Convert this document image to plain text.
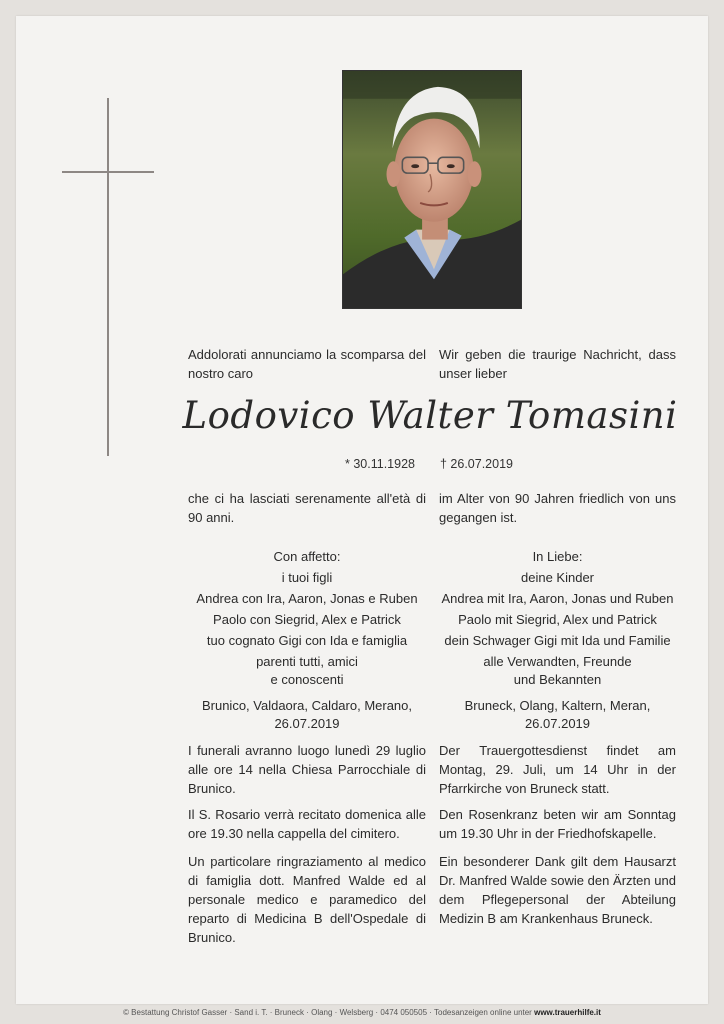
Addolorati annunciamo la scomparsa del nostro caro
Wir geben die traurige Nachricht, dass unser lieber
Lodovico Walter Tomasini
* 30.11.1928 † 26.07.2019
che ci ha lasciati serenamente all'età di 90 anni.
im Alter von 90 Jahren friedlich von uns gegangen ist.
Con affetto:
i tuoi figli
Andrea con Ira, Aaron, Jonas e Ruben
Paolo con Siegrid, Alex e Patrick
tuo cognato Gigi con Ida e famiglia
parenti tutti, amici
e conoscenti
Brunico, Valdaora, Caldaro, Merano,
26.07.2019
In Liebe:
deine Kinder
Andrea mit Ira, Aaron, Jonas und Ruben
Paolo mit Siegrid, Alex und Patrick
dein Schwager Gigi mit Ida und Familie
alle Verwandten, Freunde
und Bekannten
Bruneck, Olang, Kaltern, Meran,
26.07.2019
I funerali avranno luogo lunedì 29 luglio alle ore 14 nella Chiesa Parrocchiale di Brunico.
Der Trauergottesdienst findet am Montag, 29. Juli, um 14 Uhr in der Pfarrkirche von Bruneck statt.
Il S. Rosario verrà recitato domenica alle ore 19.30 nella cappella del cimitero.
Den Rosenkranz beten wir am Sonntag um 19.30 Uhr in der Friedhofskapelle.
Un particolare ringraziamento al medico di famiglia dott. Manfred Walde ed al personale medico e paramedico del reparto di Medicina B dell'Ospedale di Brunico.
Ein besonderer Dank gilt dem Hausarzt Dr. Manfred Walde sowie den Ärzten und dem Pflegepersonal der Abteilung Medizin B am Krankenhaus Bruneck.
© Bestattung Christof Gasser · Sand i. T. · Bruneck · Olang · Welsberg · 0474 050505 · Todesanzeigen online unter www.trauerhilfe.it
